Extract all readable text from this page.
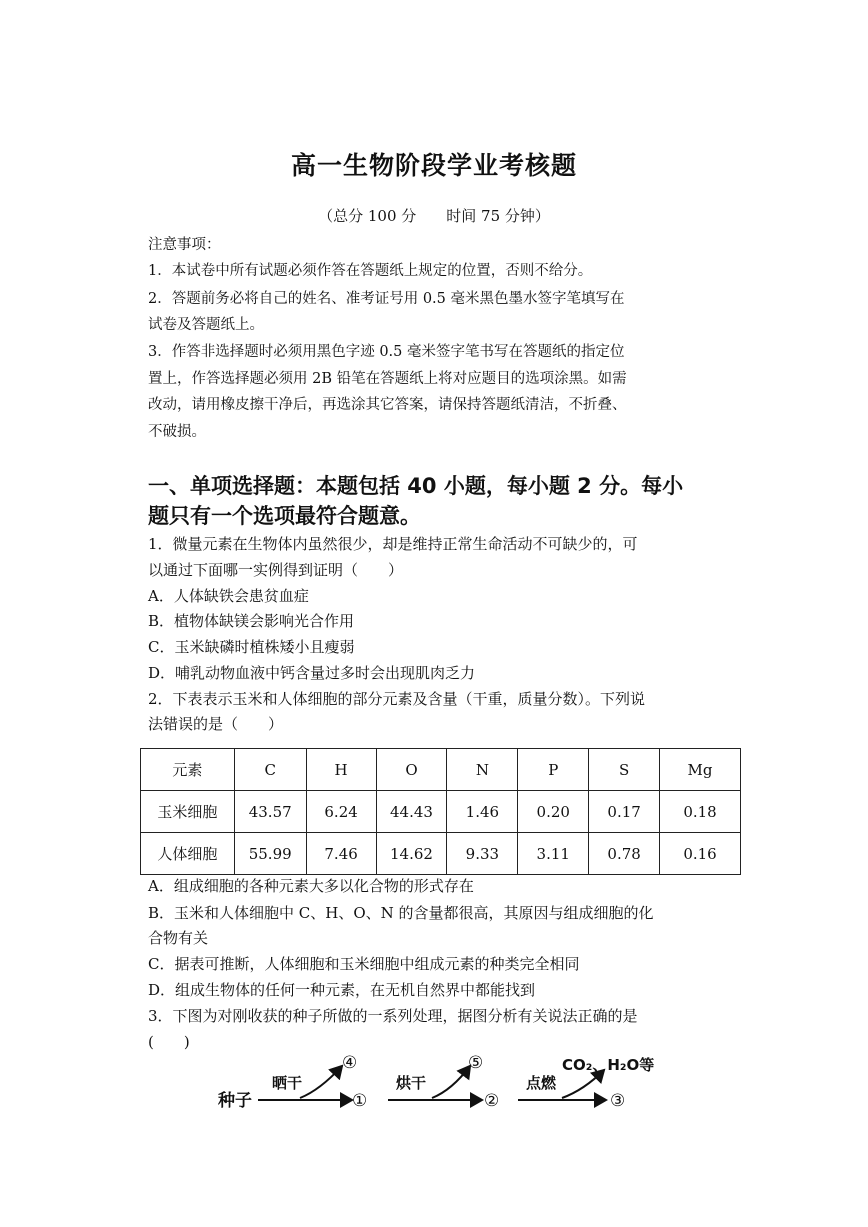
高一生物阶段学业考核题
（总分 100 分　　时间 75 分钟）
注意事项：
1．本试卷中所有试题必须作答在答题纸上规定的位置，否则不给分。
2．答题前务必将自己的姓名、准考证号用 0.5 毫米黑色墨水签字笔填写在
试卷及答题纸上。
3．作答非选择题时必须用黑色字迹 0.5 毫米签字笔书写在答题纸的指定位
置上，作答选择题必须用 2B 铅笔在答题纸上将对应题目的选项涂黑。如需
改动，请用橡皮擦干净后，再选涂其它答案，请保持答题纸清洁，不折叠、
不破损。
一、单项选择题：本题包括 40 小题，每小题 2 分。每小
题只有一个选项最符合题意。
1．微量元素在生物体内虽然很少，却是维持正常生命活动不可缺少的，可
以通过下面哪一实例得到证明（　　）
A．人体缺铁会患贫血症
B．植物体缺镁会影响光合作用
C．玉米缺磷时植株矮小且瘦弱
D．哺乳动物血液中钙含量过多时会出现肌肉乏力
2．下表表示玉米和人体细胞的部分元素及含量（干重，质量分数）。下列说
法错误的是（　　）
元素	C	H	O	N	P	S	Mg
玉米细胞	43.57	6.24	44.43	1.46	0.20	0.17	0.18
人体细胞	55.99	7.46	14.62	9.33	3.11	0.78	0.16
A．组成细胞的各种元素大多以化合物的形式存在
B．玉米和人体细胞中 C、H、O、N 的含量都很高，其原因与组成细胞的化
合物有关
C．据表可推断，人体细胞和玉米细胞中组成元素的种类完全相同
D．组成生物体的任何一种元素，在无机自然界中都能找到
3．下图为对刚收获的种子所做的一系列处理，据图分析有关说法正确的是
(　　)
种子
晒干
④
①
烘干
⑤
②
点燃
CO₂、H₂O等
③
